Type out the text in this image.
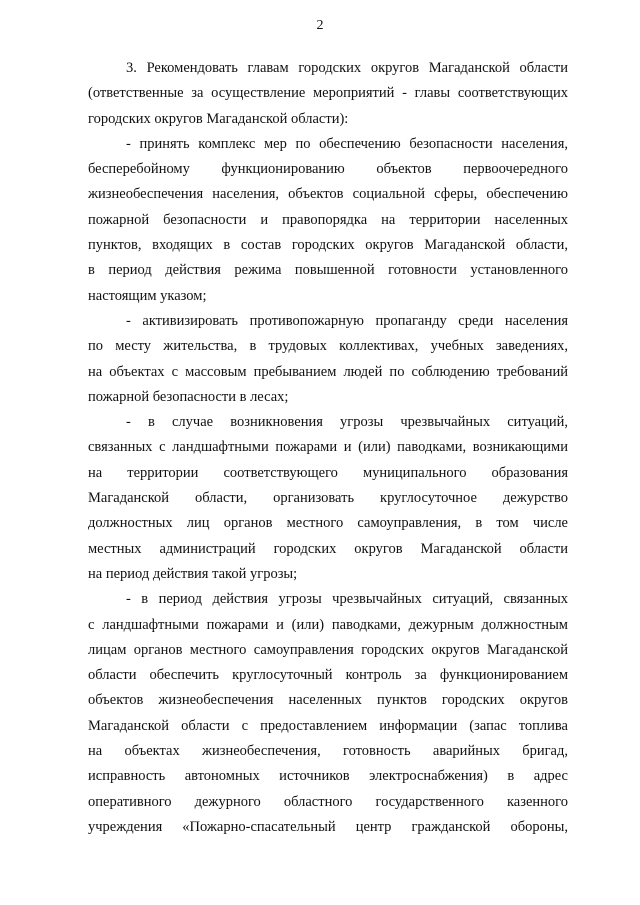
2
3. Рекомендовать главам городских округов Магаданской области
(ответственные за осуществление мероприятий - главы соответствующих
городских округов Магаданской области):
- принять комплекс мер по обеспечению безопасности населения,
бесперебойному функционированию объектов первоочередного
жизнеобеспечения населения, объектов социальной сферы, обеспечению
пожарной безопасности и правопорядка на территории населенных
пунктов, входящих в состав городских округов Магаданской области,
в период действия режима повышенной готовности установленного
настоящим указом;
- активизировать противопожарную пропаганду среди населения
по месту жительства, в трудовых коллективах, учебных заведениях,
на объектах с массовым пребыванием людей по соблюдению требований
пожарной безопасности в лесах;
- в случае возникновения угрозы чрезвычайных ситуаций,
связанных с ландшафтными пожарами и (или) паводками, возникающими
на территории соответствующего муниципального образования
Магаданской области, организовать круглосуточное дежурство
должностных лиц органов местного самоуправления, в том числе
местных администраций городских округов Магаданской области
на период действия такой угрозы;
- в период действия угрозы чрезвычайных ситуаций, связанных
с ландшафтными пожарами и (или) паводками, дежурным должностным
лицам органов местного самоуправления городских округов Магаданской
области обеспечить круглосуточный контроль за функционированием
объектов жизнеобеспечения населенных пунктов городских округов
Магаданской области с предоставлением информации (запас топлива
на объектах жизнеобеспечения, готовность аварийных бригад,
исправность автономных источников электроснабжения) в адрес
оперативного дежурного областного государственного казенного
учреждения «Пожарно-спасательный центр гражданской обороны,
